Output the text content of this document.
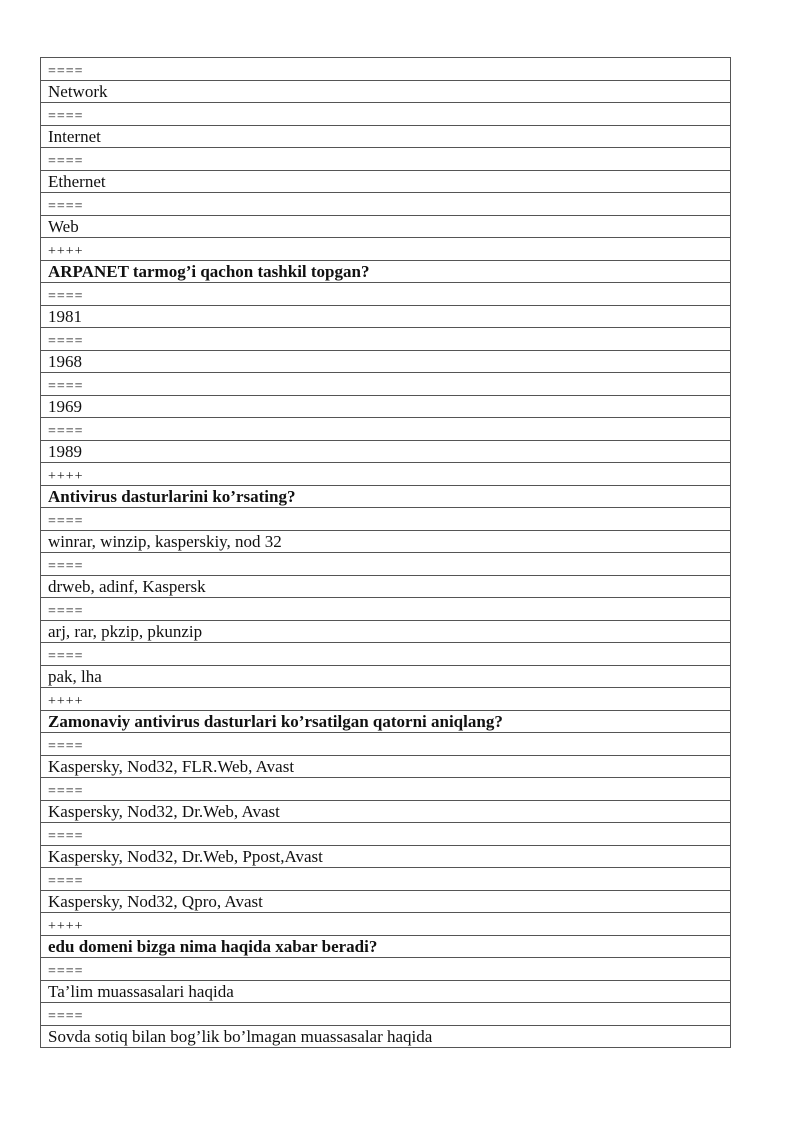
====
Network
====
Internet
====
Ethernet
====
Web
++++
ARPANET tarmog’i qachon tashkil topgan?
====
1981
====
1968
====
1969
====
1989
++++
Antivirus dasturlarini ko’rsating?
====
winrar, winzip, kasperskiy, nod 32
====
drweb, adinf, Kaspersk
====
arj, rar, pkzip, pkunzip
====
pak, lha
++++
Zamonaviy antivirus dasturlari ko’rsatilgan qatorni aniqlang?
====
Kaspersky, Nod32, FLR.Web, Avast
====
Kaspersky, Nod32, Dr.Web, Avast
====
Kaspersky, Nod32, Dr.Web, Ppost,Avast
====
Kaspersky, Nod32, Qpro, Avast
++++
edu domeni bizga nima haqida xabar beradi?
====
Ta’lim muassasalari haqida
====
Sovda sotiq bilan bog’lik bo’lmagan muassasalar haqida
